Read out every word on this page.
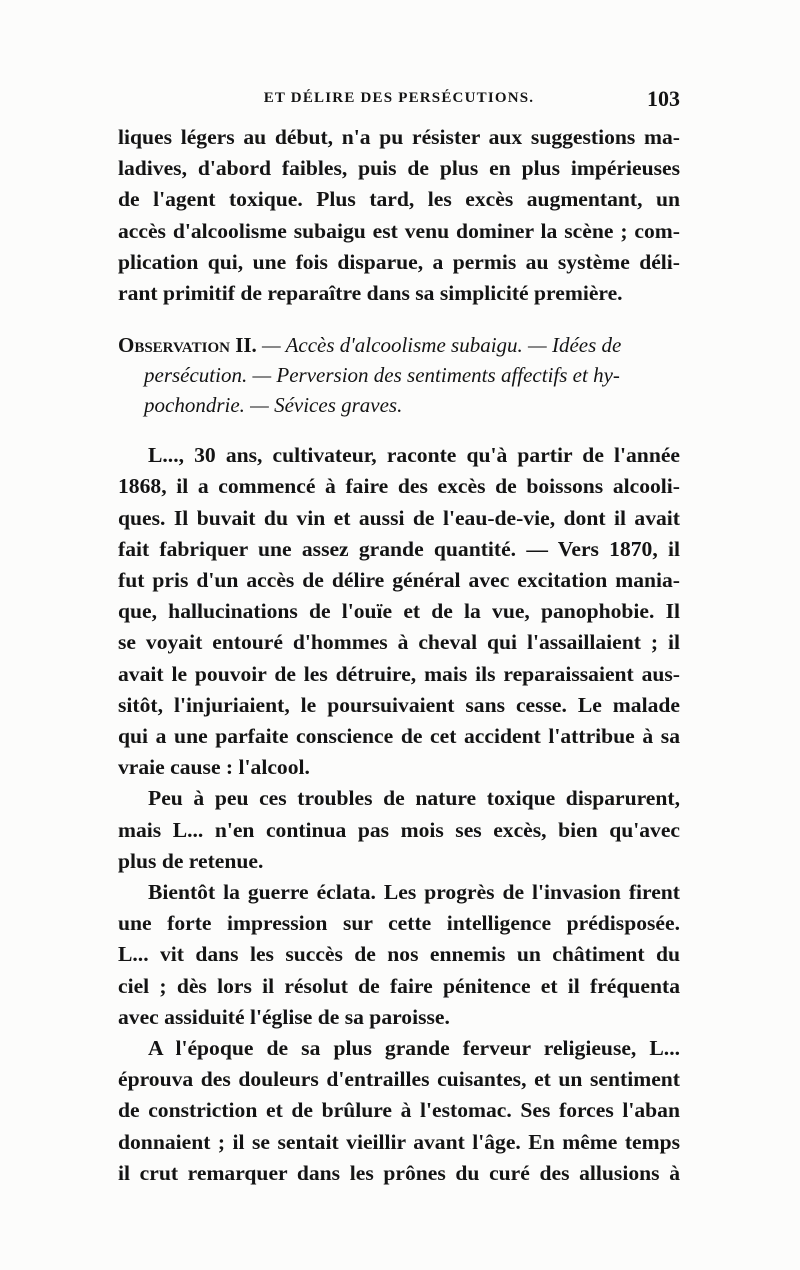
ET DÉLIRE DES PERSÉCUTIONS.	103
liques légers au début, n'a pu résister aux suggestions ma-
ladives, d'abord faibles, puis de plus en plus impérieuses
de l'agent toxique. Plus tard, les excès augmentant, un
accès d'alcoolisme subaigu est venu dominer la scène ; com-
plication qui, une fois disparue, a permis au système déli-
rant primitif de reparaître dans sa simplicité première.
Observation II. — Accès d'alcoolisme subaigu. — Idées de
persécution. — Perversion des sentiments affectifs et hy-
pochondrie. — Sévices graves.
L..., 30 ans, cultivateur, raconte qu'à partir de l'année
1868, il a commencé à faire des excès de boissons alcooli-
ques. Il buvait du vin et aussi de l'eau-de-vie, dont il avait
fait fabriquer une assez grande quantité. — Vers 1870, il
fut pris d'un accès de délire général avec excitation mania-
que, hallucinations de l'ouïe et de la vue, panophobie. Il
se voyait entouré d'hommes à cheval qui l'assaillaient ; il
avait le pouvoir de les détruire, mais ils reparaissaient aus-
sitôt, l'injuriaient, le poursuivaient sans cesse. Le malade
qui a une parfaite conscience de cet accident l'attribue à sa
vraie cause : l'alcool.
Peu à peu ces troubles de nature toxique disparurent,
mais L... n'en continua pas mois ses excès, bien qu'avec
plus de retenue.
Bientôt la guerre éclata. Les progrès de l'invasion firent
une forte impression sur cette intelligence prédisposée.
L... vit dans les succès de nos ennemis un châtiment du
ciel ; dès lors il résolut de faire pénitence et il fréquenta
avec assiduité l'église de sa paroisse.
A l'époque de sa plus grande ferveur religieuse, L...
éprouva des douleurs d'entrailles cuisantes, et un sentiment
de constriction et de brûlure à l'estomac. Ses forces l'aban
donnaient ; il se sentait vieillir avant l'âge. En même temps
il crut remarquer dans les prônes du curé des allusions à
